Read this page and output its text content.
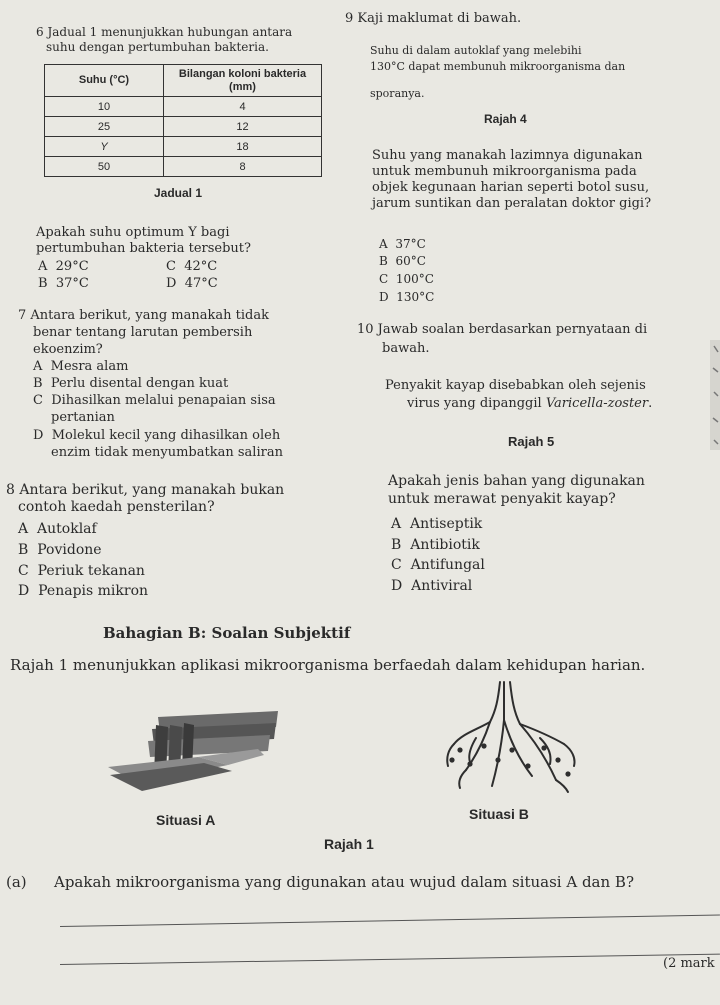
6 Jadual 1 menunjukkan hubungan antara
suhu dengan pertumbuhan bakteria.
Suhu (°C)	Bilangan koloni bakteria (mm)
10	4
25	12
Y	18
50	8
Jadual 1
Apakah suhu optimum Y bagi
pertumbuhan bakteria tersebut?
A 29°C	C 42°C
B 37°C	D 47°C
7 Antara berikut, yang manakah tidak
benar tentang larutan pembersih
ekoenzim?
A Mesra alam
B Perlu disental dengan kuat
C Dihasilkan melalui penapaian sisa
pertanian
D Molekul kecil yang dihasilkan oleh
enzim tidak menyumbatkan saliran
8 Antara berikut, yang manakah bukan
contoh kaedah pensterilan?
A Autoklaf
B Povidone
C Periuk tekanan
D Penapis mikron
9 Kaji maklumat di bawah.
Suhu di dalam autoklaf yang melebihi
130°C dapat membunuh mikroorganisma dan
sporanya.
Rajah 4
Suhu yang manakah lazimnya digunakan
untuk membunuh mikroorganisma pada
objek kegunaan harian seperti botol susu,
jarum suntikan dan peralatan doktor gigi?
A 37°C
B 60°C
C 100°C
D 130°C
10 Jawab soalan berdasarkan pernyataan di
bawah.
Penyakit kayap disebabkan oleh sejenis
virus yang dipanggil Varicella-zoster.
Rajah 5
Apakah jenis bahan yang digunakan
untuk merawat penyakit kayap?
A Antiseptik
B Antibiotik
C Antifungal
D Antiviral
Bahagian B: Soalan Subjektif
Rajah 1 menunjukkan aplikasi mikroorganisma berfaedah dalam kehidupan harian.
Situasi A	Situasi B
Rajah 1
(a) Apakah mikroorganisma yang digunakan atau wujud dalam situasi A dan B?
(2 mark
